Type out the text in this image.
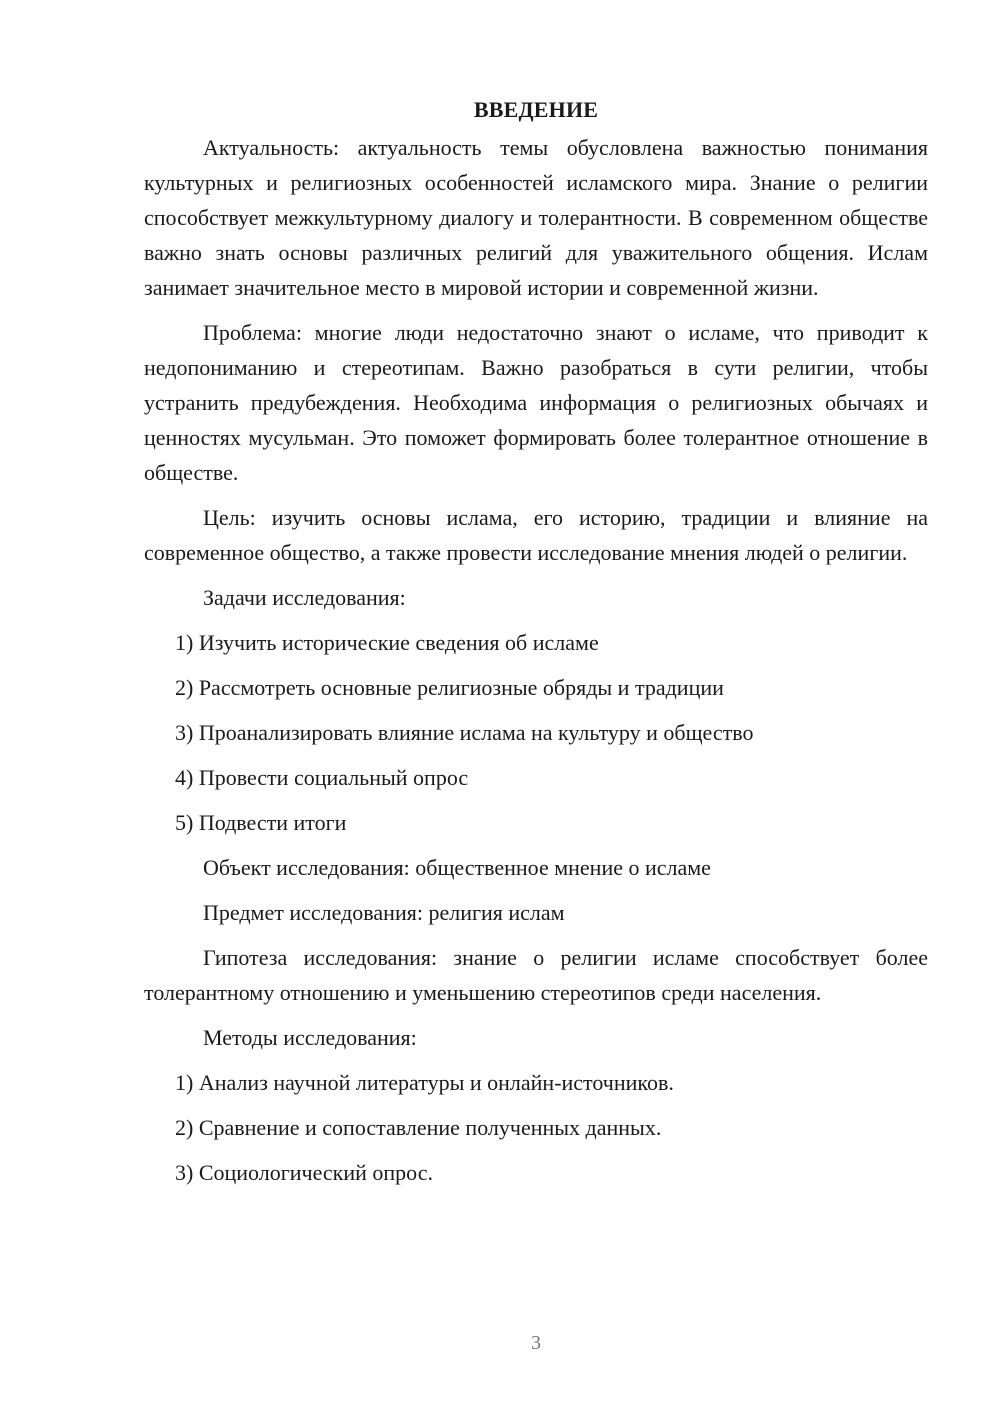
ВВЕДЕНИЕ

Актуальность: актуальность темы обусловлена важностью понимания культурных и религиозных особенностей исламского мира. Знание о религии способствует межкультурному диалогу и толерантности. В современном обществе важно знать основы различных религий для уважительного общения. Ислам занимает значительное место в мировой истории и современной жизни.

Проблема: многие люди недостаточно знают о исламе, что приводит к недопониманию и стереотипам. Важно разобраться в сути религии, чтобы устранить предубеждения. Необходима информация о религиозных обычаях и ценностях мусульман. Это поможет формировать более толерантное отношение в обществе.

Цель: изучить основы ислама, его историю, традиции и влияние на современное общество, а также провести исследование мнения людей о религии.

Задачи исследования:
1) Изучить исторические сведения об исламе
2) Рассмотреть основные религиозные обряды и традиции
3) Проанализировать влияние ислама на культуру и общество
4) Провести социальный опрос
5) Подвести итоги
Объект исследования: общественное мнение о исламе
Предмет исследования: религия ислам

Гипотеза исследования: знание о религии исламе способствует более толерантному отношению и уменьшению стереотипов среди населения.

Методы исследования:
1) Анализ научной литературы и онлайн-источников.
2) Сравнение и сопоставление полученных данных.
3) Социологический опрос.
3
